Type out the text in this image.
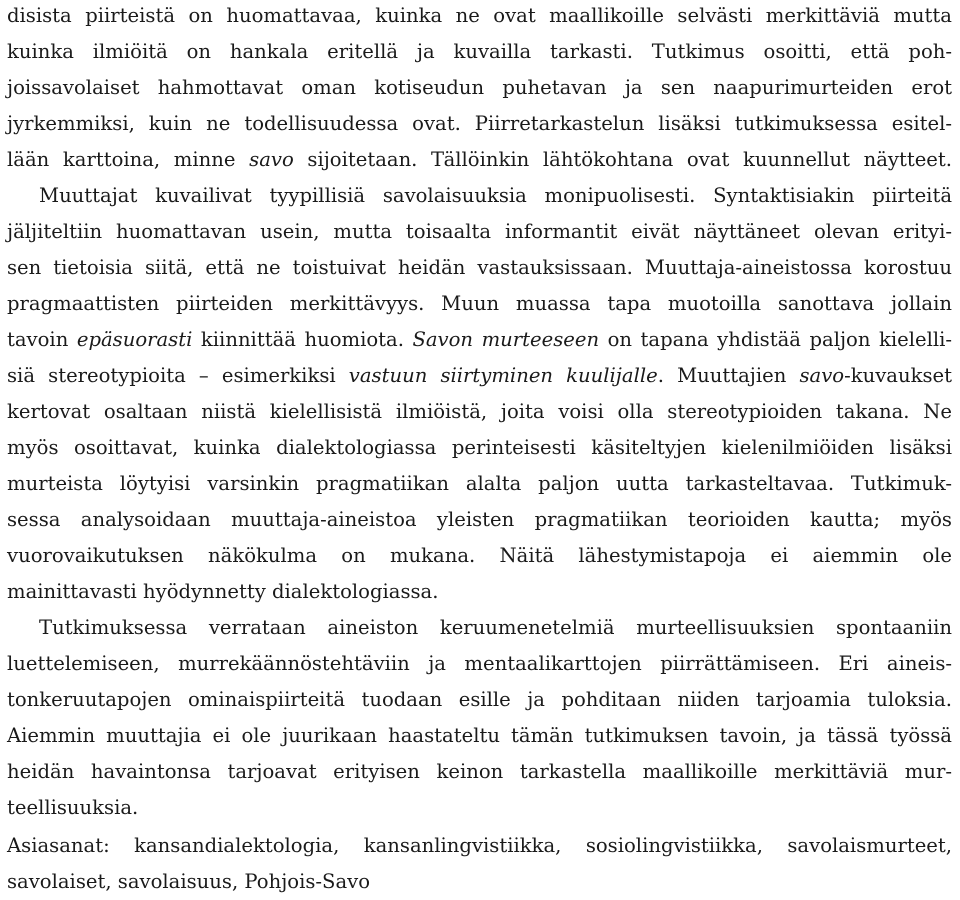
disista piirteistä on huomattavaa, kuinka ne ovat maallikoille selvästi merkittäviä mutta
kuinka ilmiöitä on hankala eritellä ja kuvailla tarkasti. Tutkimus osoitti, että poh-
joissavolaiset hahmottavat oman kotiseudun puhetavan ja sen naapurimurteiden erot
jyrkemmiksi, kuin ne todellisuudessa ovat. Piirretarkastelun lisäksi tutkimuksessa esitel-
lään karttoina, minne savo sijoitetaan. Tällöinkin lähtökohtana ovat kuunnellut näytteet.
Muuttajat kuvailivat tyypillisiä savolaisuuksia monipuolisesti. Syntaktisiakin piirteitä
jäljiteltiin huomattavan usein, mutta toisaalta informantit eivät näyttäneet olevan erityi-
sen tietoisia siitä, että ne toistuivat heidän vastauksissaan. Muuttaja-aineistossa korostuu
pragmaattisten piirteiden merkittävyys. Muun muassa tapa muotoilla sanottava jollain
tavoin epäsuorasti kiinnittää huomiota. Savon murteeseen on tapana yhdistää paljon kielelli-
siä stereotypioita – esimerkiksi vastuun siirtyminen kuulijalle. Muuttajien savo-kuvaukset
kertovat osaltaan niistä kielellisistä ilmiöistä, joita voisi olla stereotypioiden takana. Ne
myös osoittavat, kuinka dialektologiassa perinteisesti käsiteltyjen kielenilmiöiden lisäksi
murteista löytyisi varsinkin pragmatiikan alalta paljon uutta tarkasteltavaa. Tutkimuk-
sessa analysoidaan muuttaja-aineistoa yleisten pragmatiikan teorioiden kautta; myös
vuorovaikutuksen näkökulma on mukana. Näitä lähestymistapoja ei aiemmin ole
mainittavasti hyödynnetty dialektologiassa.
Tutkimuksessa verrataan aineiston keruumenetelmiä murteellisuuksien spontaaniin
luettelemiseen, murrekäännöstehtäviin ja mentaalikarttojen piirrättämiseen. Eri aineis-
tonkeruutapojen ominaispiirteitä tuodaan esille ja pohditaan niiden tarjoamia tuloksia.
Aiemmin muuttajia ei ole juurikaan haastateltu tämän tutkimuksen tavoin, ja tässä työssä
heidän havaintonsa tarjoavat erityisen keinon tarkastella maallikoille merkittäviä mur-
teellisuuksia.
Asiasanat: kansandialektologia, kansanlingvistiikka, sosiolingvistiikka, savolaismurteet,
savolaiset, savolaisuus, Pohjois-Savo
